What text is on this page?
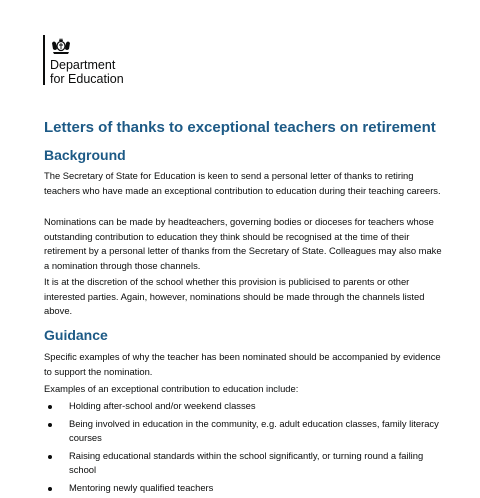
Department
for Education
Letters of thanks to exceptional teachers on retirement
Background

The Secretary of State for Education is keen to send a personal letter of thanks to retiring teachers who have made an exceptional contribution to education during their teaching careers.

Nominations can be made by headteachers, governing bodies or dioceses for teachers whose outstanding contribution to education they think should be recognised at the time of their retirement by a personal letter of thanks from the Secretary of State. Colleagues may also make a nomination through those channels.

It is at the discretion of the school whether this provision is publicised to parents or other interested parties. Again, however, nominations should be made through the channels listed above.

Guidance

Specific examples of why the teacher has been nominated should be accompanied by evidence to support the nomination.

Examples of an exceptional contribution to education include:

Holding after-school and/or weekend classes
Being involved in education in the community, e.g. adult education classes, family literacy courses
Raising educational standards within the school significantly, or turning round a failing school
Mentoring newly qualified teachers
